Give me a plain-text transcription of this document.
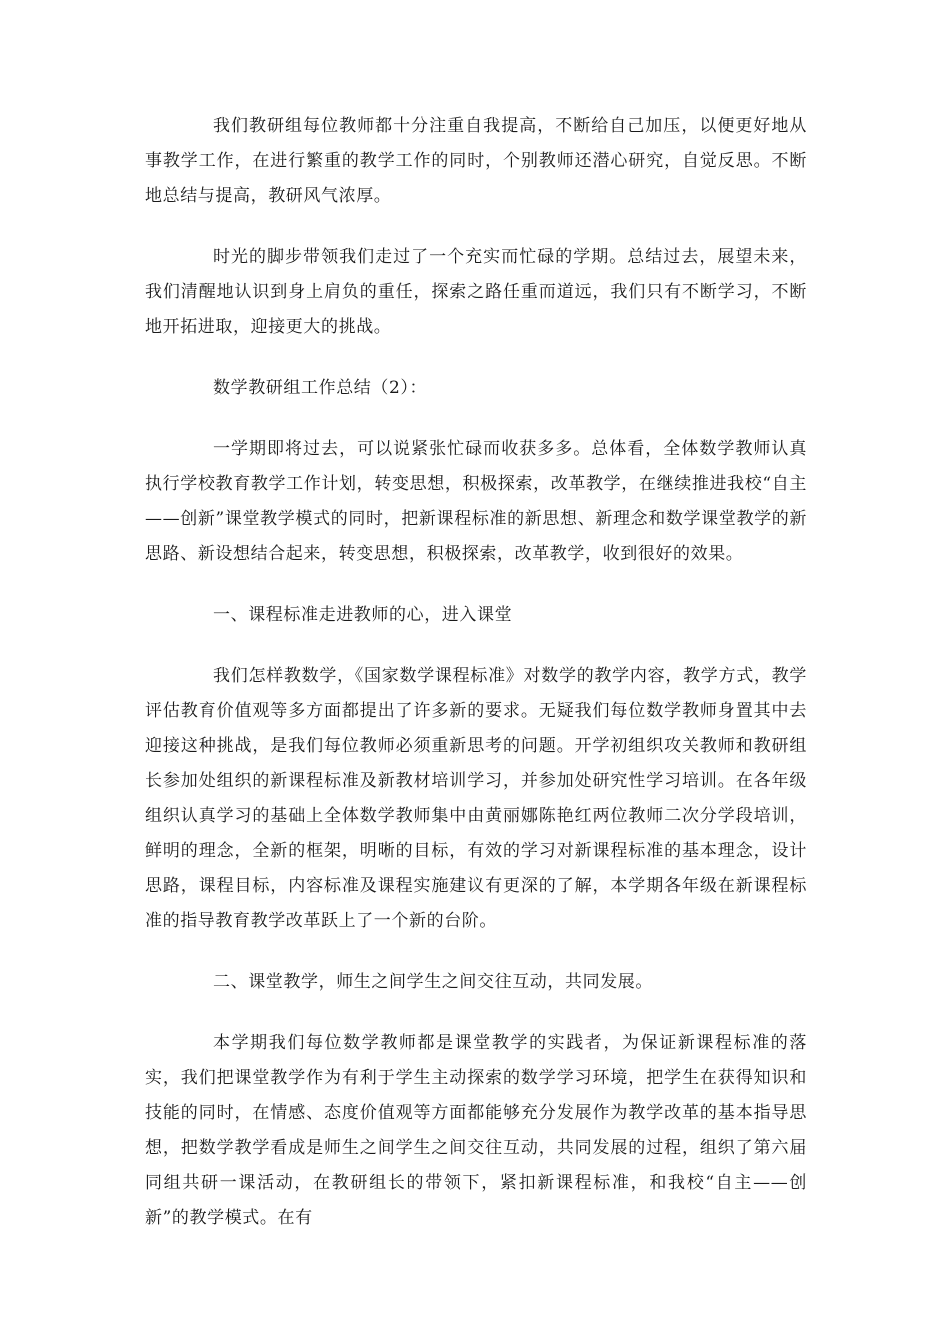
我们教研组每位教师都十分注重自我提高，不断给自己加压，以便更好地从事教学工作，在进行繁重的教学工作的同时，个别教师还潜心研究，自觉反思。不断地总结与提高，教研风气浓厚。

时光的脚步带领我们走过了一个充实而忙碌的学期。总结过去，展望未来，我们清醒地认识到身上肩负的重任，探索之路任重而道远，我们只有不断学习，不断地开拓进取，迎接更大的挑战。

数学教研组工作总结（2）：

一学期即将过去，可以说紧张忙碌而收获多多。总体看，全体数学教师认真执行学校教育教学工作计划，转变思想，积极探索，改革教学，在继续推进我校“自主——创新”课堂教学模式的同时，把新课程标准的新思想、新理念和数学课堂教学的新思路、新设想结合起来，转变思想，积极探索，改革教学，收到很好的效果。

一、课程标准走进教师的心，进入课堂

我们怎样教数学，《国家数学课程标准》对数学的教学内容，教学方式，教学评估教育价值观等多方面都提出了许多新的要求。无疑我们每位数学教师身置其中去迎接这种挑战，是我们每位教师必须重新思考的问题。开学初组织攻关教师和教研组长参加处组织的新课程标准及新教材培训学习，并参加处研究性学习培训。在各年级组织认真学习的基础上全体数学教师集中由黄丽娜陈艳红两位教师二次分学段培训，鲜明的理念，全新的框架，明晰的目标，有效的学习对新课程标准的基本理念，设计思路，课程目标，内容标准及课程实施建议有更深的了解，本学期各年级在新课程标准的指导教育教学改革跃上了一个新的台阶。

二、课堂教学，师生之间学生之间交往互动，共同发展。

本学期我们每位数学教师都是课堂教学的实践者，为保证新课程标准的落实，我们把课堂教学作为有利于学生主动探索的数学学习环境，把学生在获得知识和技能的同时，在情感、态度价值观等方面都能够充分发展作为教学改革的基本指导思想，把数学教学看成是师生之间学生之间交往互动，共同发展的过程，组织了第六届同组共研一课活动，在教研组长的带领下，紧扣新课程标准，和我校“自主——创新”的教学模式。在有
